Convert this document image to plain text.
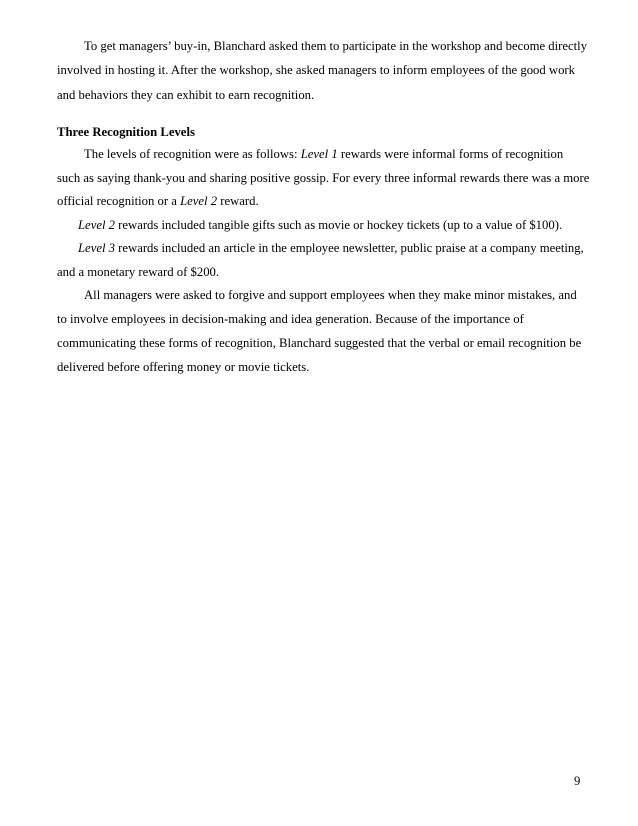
To get managers’ buy-in, Blanchard asked them to participate in the workshop and become directly
involved in hosting it. After the workshop, she asked managers to inform employees of the good work
and behaviors they can exhibit to earn recognition.
Three Recognition Levels
The levels of recognition were as follows: Level 1 rewards were informal forms of recognition
such as saying thank-you and sharing positive gossip. For every three informal rewards there was a more
official recognition or a Level 2 reward.
Level 2 rewards included tangible gifts such as movie or hockey tickets (up to a value of $100).
Level 3 rewards included an article in the employee newsletter, public praise at a company meeting,
and a monetary reward of $200.
All managers were asked to forgive and support employees when they make minor mistakes, and
to involve employees in decision-making and idea generation. Because of the importance of
communicating these forms of recognition, Blanchard suggested that the verbal or email recognition be
delivered before offering money or movie tickets.
9
